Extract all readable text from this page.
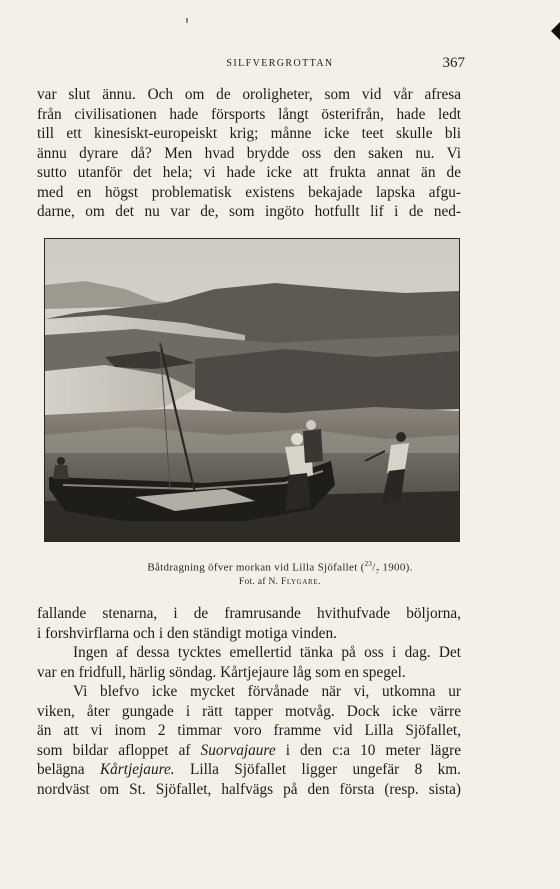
SILFVERGROTTAN	367
var slut ännu. Och om de oroligheter, som vid vår afresa
från civilisationen hade försports långt österifrån, hade ledt
till ett kinesiskt-europeiskt krig; månne icke teet skulle bli
ännu dyrare då? Men hvad brydde oss den saken nu. Vi
sutto utanför det hela; vi hade icke att frukta annat än de
med en högst problematisk existens bekajade lapska afgu-
darne, om det nu var de, som ingöto hotfullt lif i de ned-
Båtdragning öfver morkan vid Lilla Sjöfallet ($^{23}/_7$ 1900).
Fot. af N. Flygare.
fallande stenarna, i de framrusande hvithufvade böljorna,
i forshvirflarna och i den ständigt motiga vinden.
Ingen af dessa tycktes emellertid tänka på oss i dag. Det
var en fridfull, härlig söndag. Kårtjejaure låg som en spegel.
Vi blefvo icke mycket förvånade när vi, utkomna ur
viken, åter gungade i rätt tapper motvåg. Dock icke värre
än att vi inom 2 timmar voro framme vid Lilla Sjöfallet,
som bildar afloppet af Suorvajaure i den c:a 10 meter lägre
belägna Kårtjejaure. Lilla Sjöfallet ligger ungefär 8 km.
nordväst om St. Sjöfallet, halfvägs på den första (resp. sista)
